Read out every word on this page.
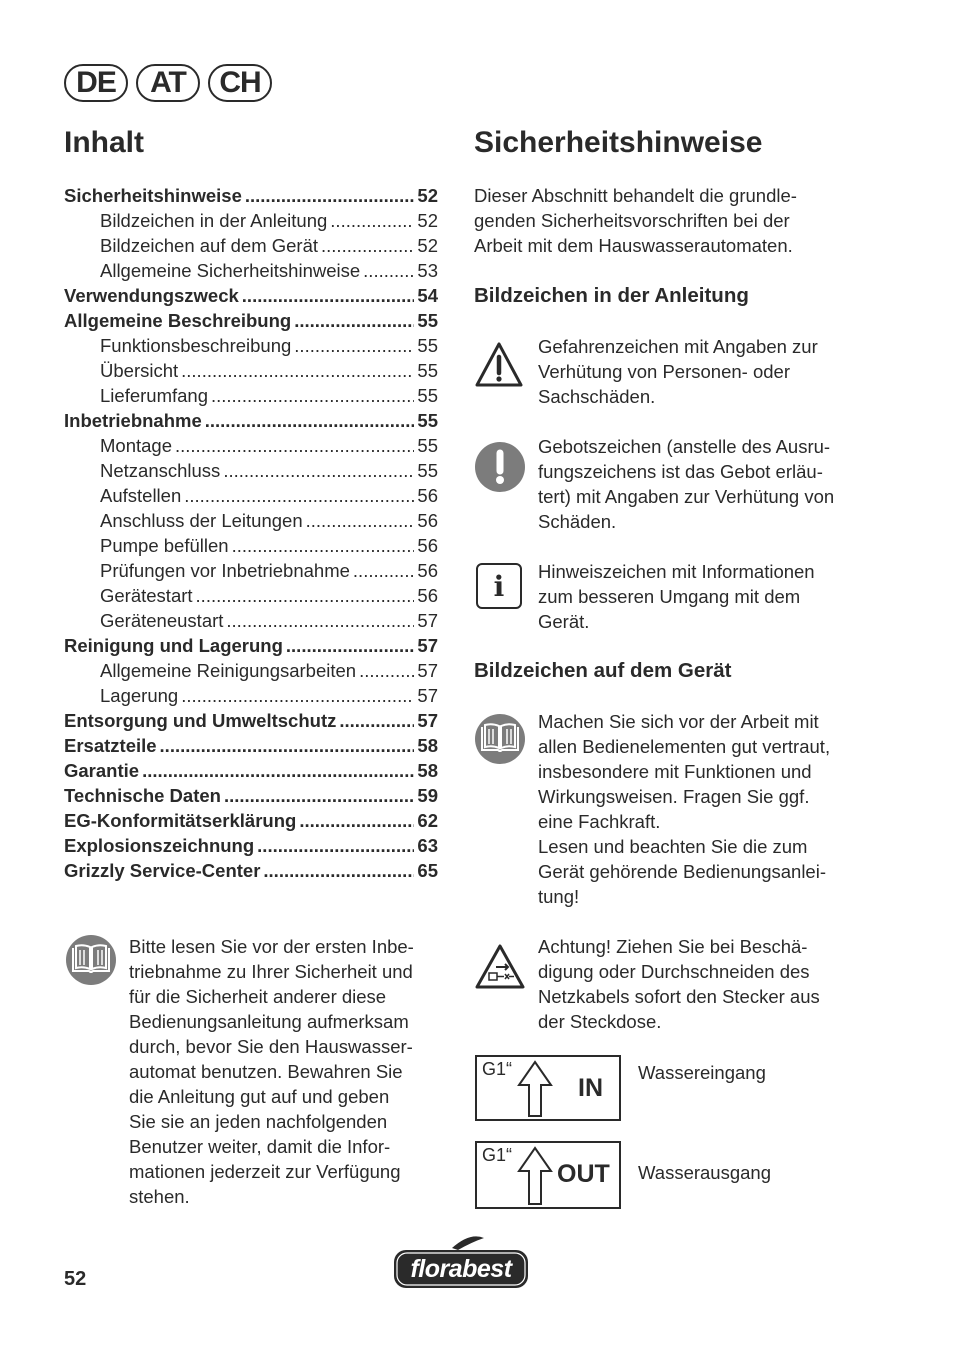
DE	AT	CH
Inhalt
Sicherheitshinweise .....	52
Bildzeichen in der Anleitung .....	52
Bildzeichen auf dem Gerät .....	52
Allgemeine Sicherheitshinweise .....	53
Verwendungszweck .....	54
Allgemeine Beschreibung .....	55
Funktionsbeschreibung .....	55
Übersicht .....	55
Lieferumfang .....	55
Inbetriebnahme .....	55
Montage .....	55
Netzanschluss .....	55
Aufstellen .....	56
Anschluss der Leitungen .....	56
Pumpe befüllen .....	56
Prüfungen vor Inbetriebnahme .....	56
Gerätestart .....	56
Geräteneustart .....	57
Reinigung und Lagerung .....	57
Allgemeine Reinigungsarbeiten .....	57
Lagerung .....	57
Entsorgung und Umweltschutz .....	57
Ersatzteile .....	58
Garantie .....	58
Technische Daten .....	59
EG-Konformitätserklärung .....	62
Explosionszeichnung .....	63
Grizzly Service-Center .....	65
Bitte lesen Sie vor der ersten Inbe-
triebnahme zu Ihrer Sicherheit und
für die Sicherheit anderer diese
Bedienungsanleitung aufmerksam
durch, bevor Sie den Hauswasser-
automat benutzen. Bewahren Sie
die Anleitung gut auf und geben
Sie sie an jeden nachfolgenden
Benutzer weiter, damit die Infor-
mationen jederzeit zur Verfügung
stehen.
Sicherheitshinweise
Dieser Abschnitt behandelt die grundle-
genden Sicherheitsvorschriften bei der
Arbeit mit dem Hauswasserautomaten.
Bildzeichen in der Anleitung
Gefahrenzeichen mit Angaben zur
Verhütung von Personen- oder
Sachschäden.
Gebotszeichen (anstelle des Ausru-
fungszeichens ist das Gebot erläu-
tert) mit Angaben zur Verhütung von
Schäden.
i	Hinweiszeichen mit Informationen
zum besseren Umgang mit dem
Gerät.
Bildzeichen auf dem Gerät
Machen Sie sich vor der Arbeit mit
allen Bedienelementen gut vertraut,
insbesondere mit Funktionen und
Wirkungsweisen. Fragen Sie ggf.
eine Fachkraft.
Lesen und beachten Sie die zum
Gerät gehörende Bedienungsanlei-
tung!
Achtung! Ziehen Sie bei Beschä-
digung oder Durchschneiden des
Netzkabels sofort den Stecker aus
der Steckdose.
G1“
IN
Wassereingang
G1“
OUT Wasserausgang
52	florabest
